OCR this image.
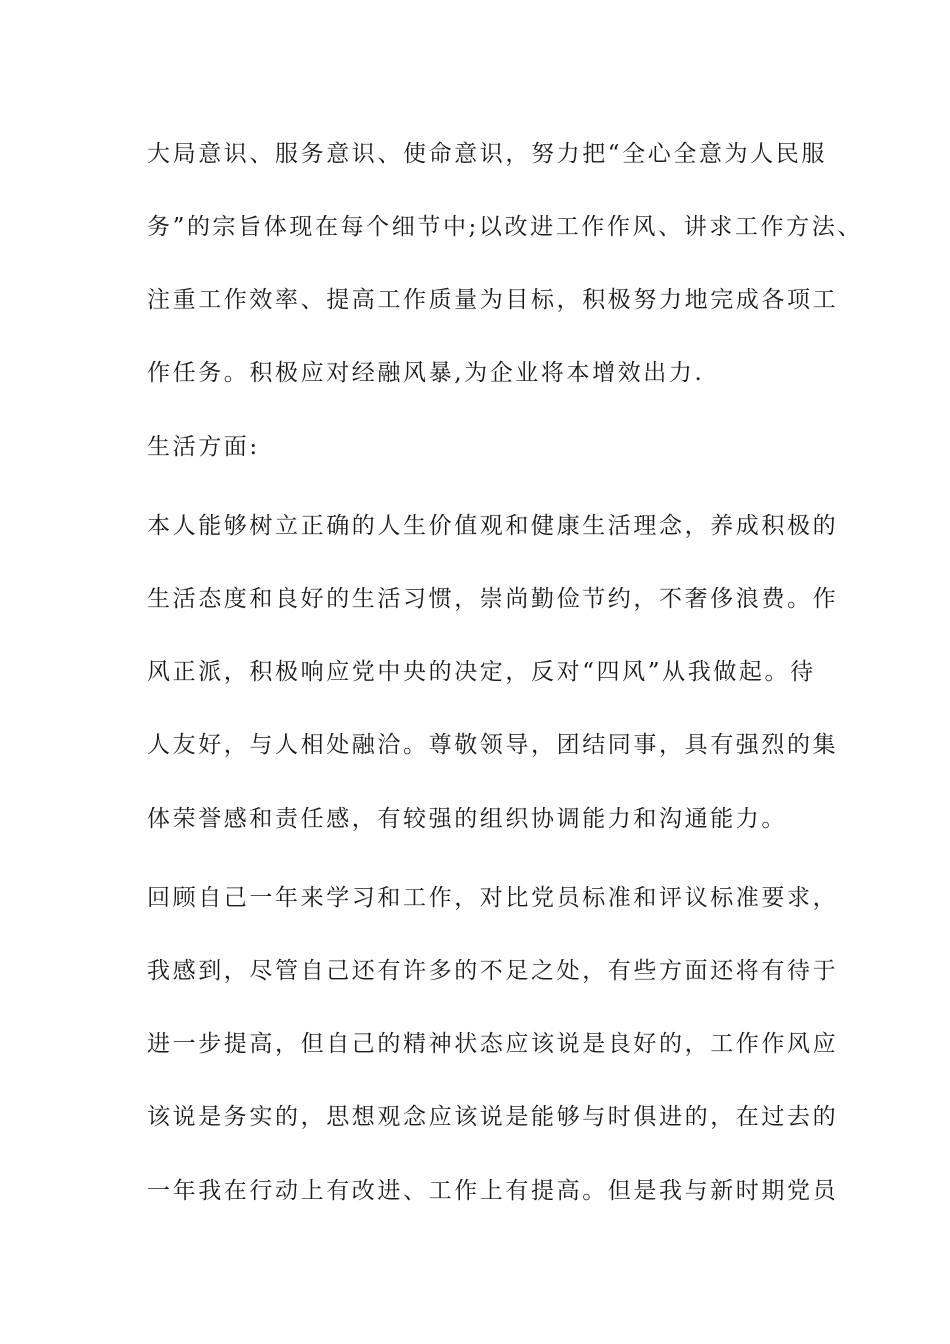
大局意识、服务意识、使命意识，努力把“全心全意为人民服
务”的宗旨体现在每个细节中;以改进工作作风、讲求工作方法、
注重工作效率、提高工作质量为目标，积极努力地完成各项工
作任务。积极应对经融风暴,为企业将本增效出力.
生活方面:
本人能够树立正确的人生价值观和健康生活理念，养成积极的
生活态度和良好的生活习惯，崇尚勤俭节约，不奢侈浪费。作
风正派，积极响应党中央的决定，反对“四风”从我做起。待
人友好，与人相处融洽。尊敬领导，团结同事，具有强烈的集
体荣誉感和责任感，有较强的组织协调能力和沟通能力。
回顾自己一年来学习和工作，对比党员标准和评议标准要求，
我感到，尽管自己还有许多的不足之处，有些方面还将有待于
进一步提高，但自己的精神状态应该说是良好的，工作作风应
该说是务实的，思想观念应该说是能够与时俱进的，在过去的
一年我在行动上有改进、工作上有提高。但是我与新时期党员
